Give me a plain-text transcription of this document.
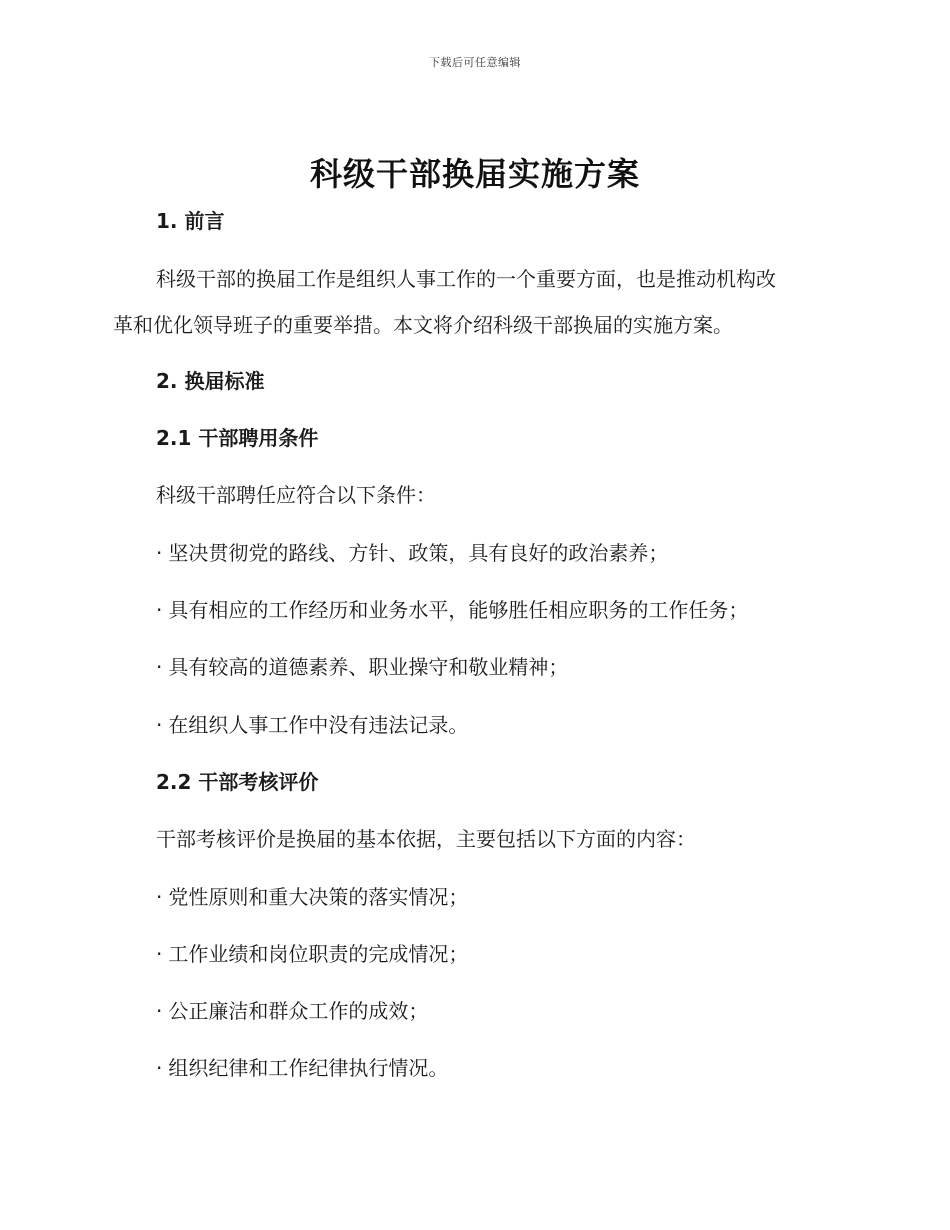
下载后可任意编辑
科级干部换届实施方案

1. 前言

科级干部的换届工作是组织人事工作的一个重要方面，也是推动机构改

革和优化领导班子的重要举措。本文将介绍科级干部换届的实施方案。

2. 换届标准

2.1 干部聘用条件

科级干部聘任应符合以下条件：

· 坚决贯彻党的路线、方针、政策，具有良好的政治素养；

· 具有相应的工作经历和业务水平，能够胜任相应职务的工作任务；

· 具有较高的道德素养、职业操守和敬业精神；

· 在组织人事工作中没有违法记录。

2.2 干部考核评价

干部考核评价是换届的基本依据，主要包括以下方面的内容：

· 党性原则和重大决策的落实情况；

· 工作业绩和岗位职责的完成情况；

· 公正廉洁和群众工作的成效；

· 组织纪律和工作纪律执行情况。
